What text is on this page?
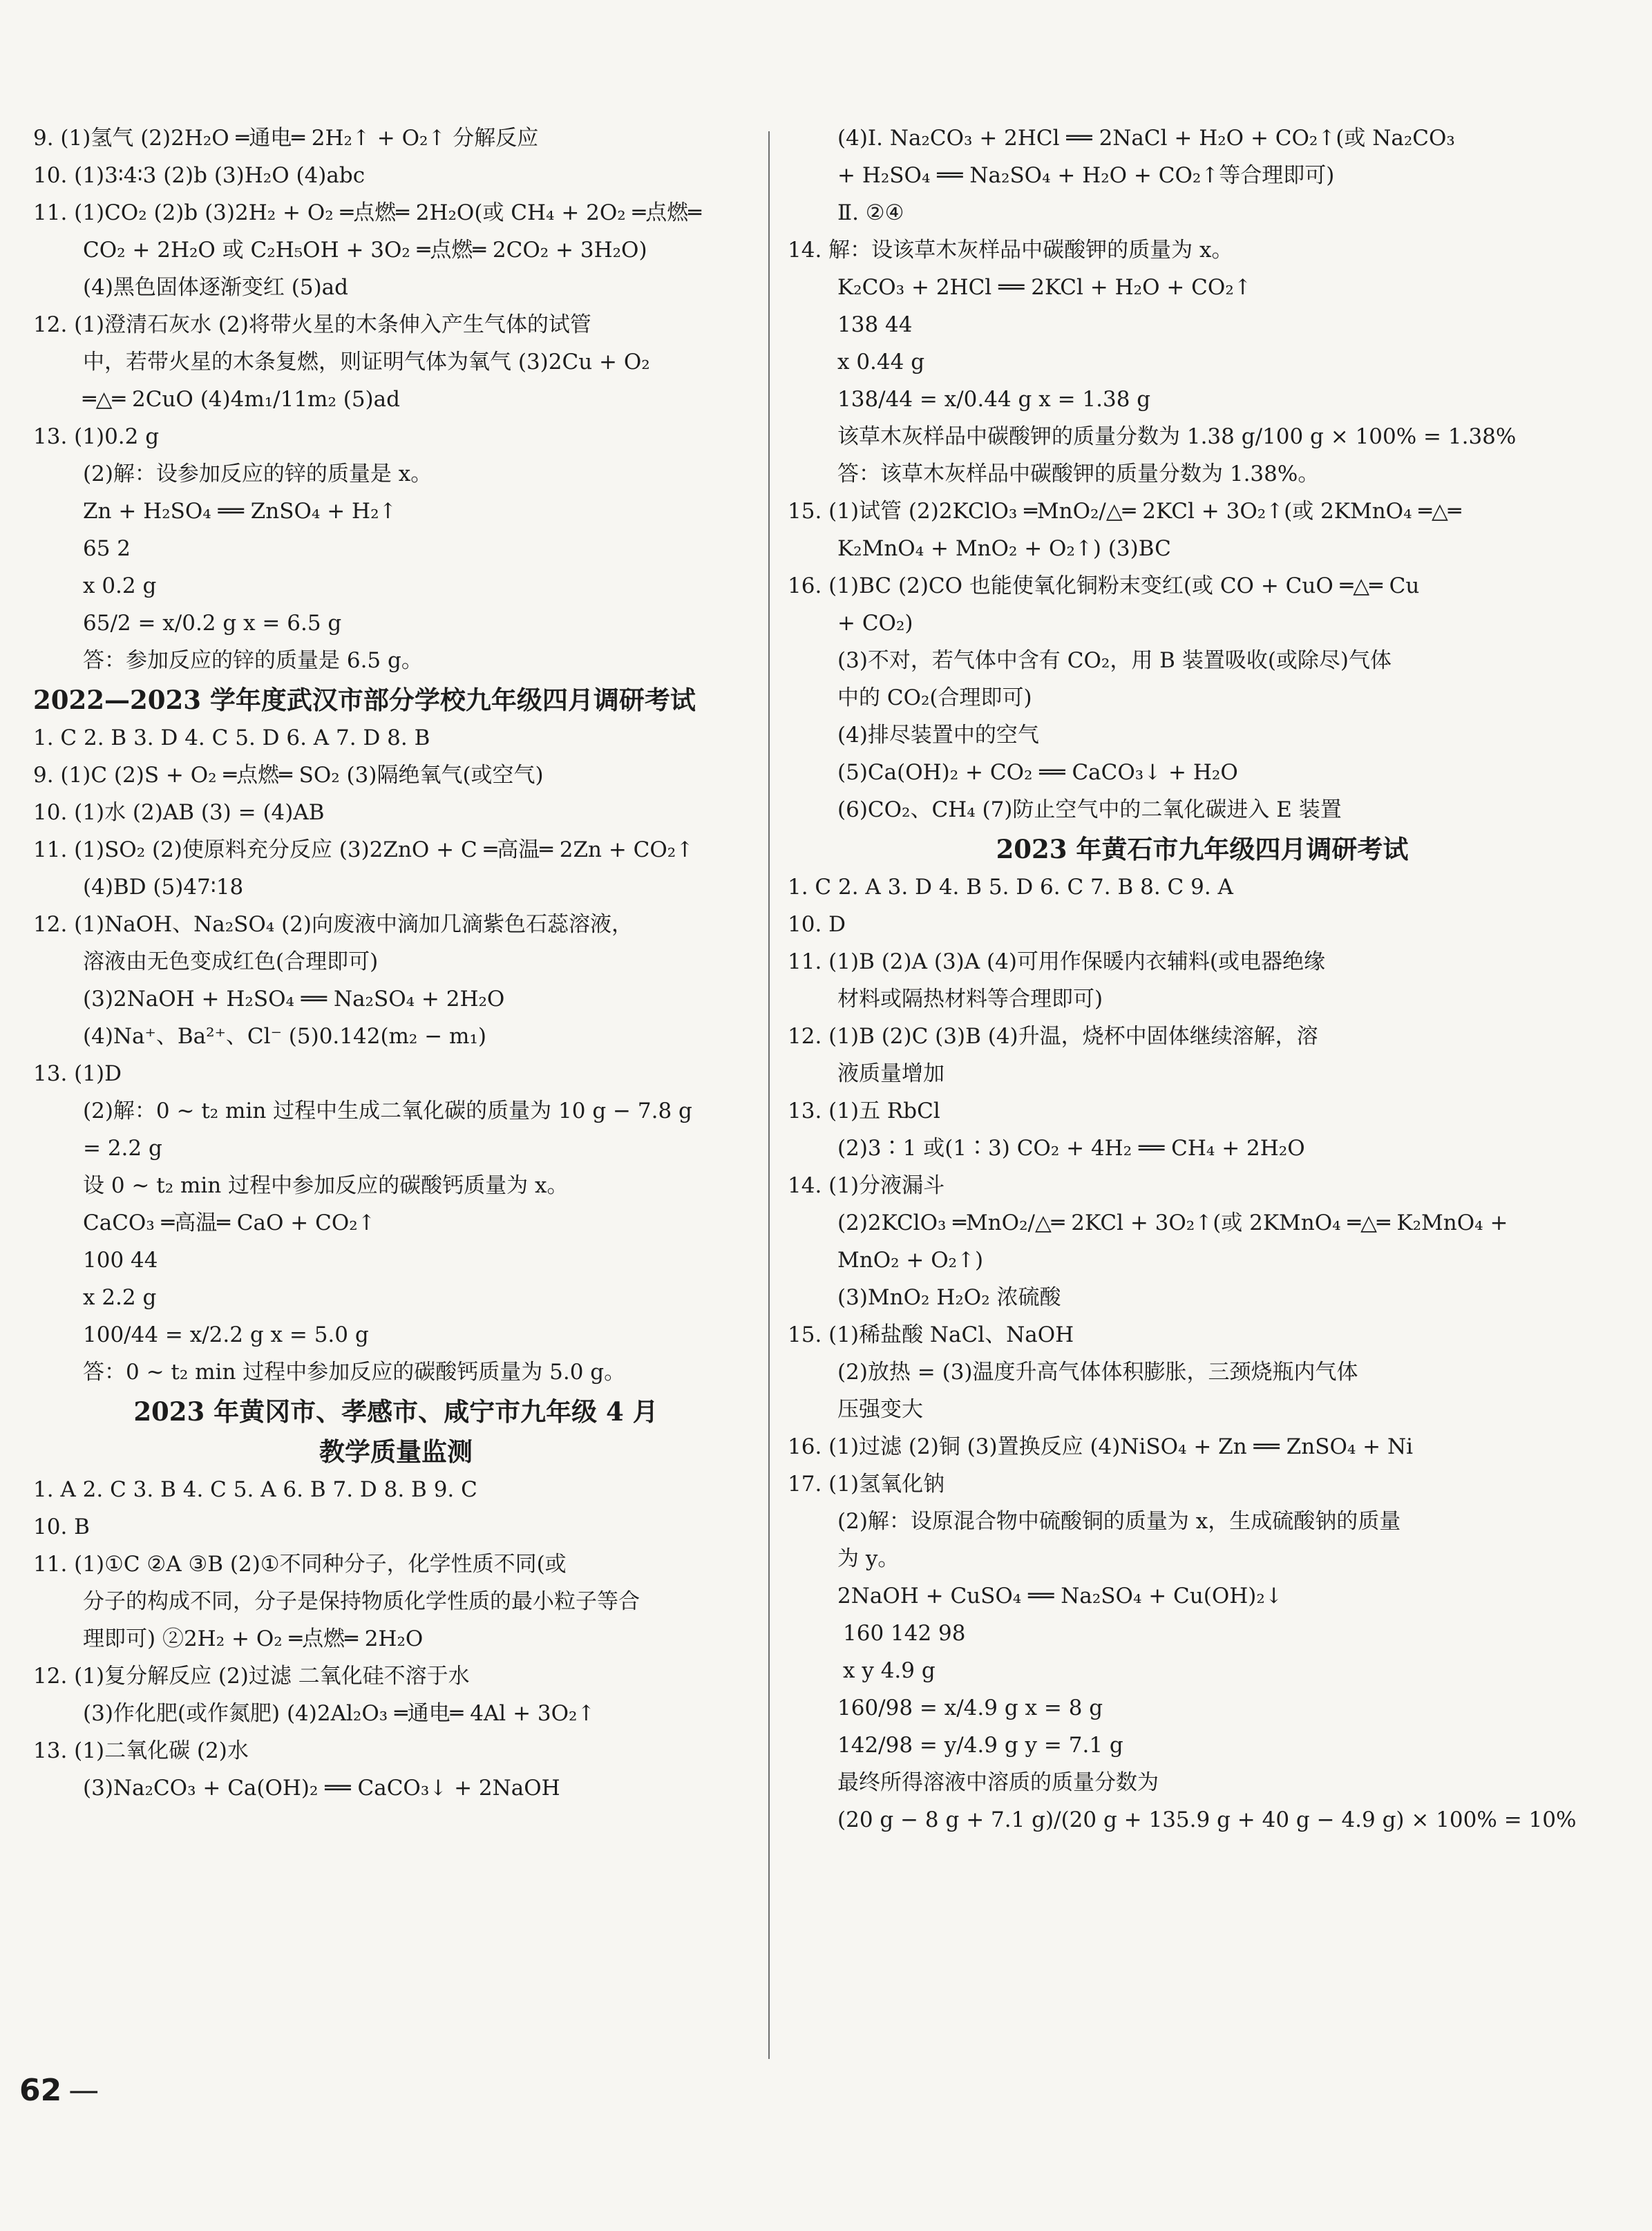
9. (1)氢气 (2)2H₂O ═通电═ 2H₂↑ + O₂↑ 分解反应
10. (1)3∶4∶3 (2)b (3)H₂O (4)abc
11. (1)CO₂ (2)b (3)2H₂ + O₂ ═点燃═ 2H₂O(或 CH₄ + 2O₂ ═点燃═
CO₂ + 2H₂O 或 C₂H₅OH + 3O₂ ═点燃═ 2CO₂ + 3H₂O)
(4)黑色固体逐渐变红 (5)ad
12. (1)澄清石灰水 (2)将带火星的木条伸入产生气体的试管
中，若带火星的木条复燃，则证明气体为氧气 (3)2Cu + O₂
═△═ 2CuO (4)4m₁/11m₂ (5)ad
13. (1)0.2 g
(2)解：设参加反应的锌的质量是 x。
Zn + H₂SO₄ ══ ZnSO₄ + H₂↑
65 2
x 0.2 g
65/2 = x/0.2 g x = 6.5 g
答：参加反应的锌的质量是 6.5 g。
2022—2023 学年度武汉市部分学校九年级四月调研考试
1. C 2. B 3. D 4. C 5. D 6. A 7. D 8. B
9. (1)C (2)S + O₂ ═点燃═ SO₂ (3)隔绝氧气(或空气)
10. (1)水 (2)AB (3) = (4)AB
11. (1)SO₂ (2)使原料充分反应 (3)2ZnO + C ═高温═ 2Zn + CO₂↑
(4)BD (5)47∶18
12. (1)NaOH、Na₂SO₄ (2)向废液中滴加几滴紫色石蕊溶液，
溶液由无色变成红色(合理即可)
(3)2NaOH + H₂SO₄ ══ Na₂SO₄ + 2H₂O
(4)Na⁺、Ba²⁺、Cl⁻ (5)0.142(m₂ − m₁)
13. (1)D
(2)解：0 ~ t₂ min 过程中生成二氧化碳的质量为 10 g − 7.8 g
= 2.2 g
设 0 ~ t₂ min 过程中参加反应的碳酸钙质量为 x。
CaCO₃ ═高温═ CaO + CO₂↑
100 44
x 2.2 g
100/44 = x/2.2 g x = 5.0 g
答：0 ~ t₂ min 过程中参加反应的碳酸钙质量为 5.0 g。
2023 年黄冈市、孝感市、咸宁市九年级 4 月
教学质量监测
1. A 2. C 3. B 4. C 5. A 6. B 7. D 8. B 9. C
10. B
11. (1)①C ②A ③B (2)①不同种分子，化学性质不同(或
分子的构成不同，分子是保持物质化学性质的最小粒子等合
理即可) ②2H₂ + O₂ ═点燃═ 2H₂O
12. (1)复分解反应 (2)过滤 二氧化硅不溶于水
(3)作化肥(或作氮肥) (4)2Al₂O₃ ═通电═ 4Al + 3O₂↑
13. (1)二氧化碳 (2)水
(3)Na₂CO₃ + Ca(OH)₂ ══ CaCO₃↓ + 2NaOH
(4)Ⅰ. Na₂CO₃ + 2HCl ══ 2NaCl + H₂O + CO₂↑(或 Na₂CO₃
+ H₂SO₄ ══ Na₂SO₄ + H₂O + CO₂↑等合理即可)
Ⅱ. ②④
14. 解：设该草木灰样品中碳酸钾的质量为 x。
K₂CO₃ + 2HCl ══ 2KCl + H₂O + CO₂↑
138 44
x 0.44 g
138/44 = x/0.44 g x = 1.38 g
该草木灰样品中碳酸钾的质量分数为 1.38 g/100 g × 100% = 1.38%
答：该草木灰样品中碳酸钾的质量分数为 1.38%。
15. (1)试管 (2)2KClO₃ ═MnO₂/△═ 2KCl + 3O₂↑(或 2KMnO₄ ═△═
K₂MnO₄ + MnO₂ + O₂↑) (3)BC
16. (1)BC (2)CO 也能使氧化铜粉末变红(或 CO + CuO ═△═ Cu
+ CO₂)
(3)不对，若气体中含有 CO₂，用 B 装置吸收(或除尽)气体
中的 CO₂(合理即可)
(4)排尽装置中的空气
(5)Ca(OH)₂ + CO₂ ══ CaCO₃↓ + H₂O
(6)CO₂、CH₄ (7)防止空气中的二氧化碳进入 E 装置
2023 年黄石市九年级四月调研考试
1. C 2. A 3. D 4. B 5. D 6. C 7. B 8. C 9. A
10. D
11. (1)B (2)A (3)A (4)可用作保暖内衣辅料(或电器绝缘
材料或隔热材料等合理即可)
12. (1)B (2)C (3)B (4)升温，烧杯中固体继续溶解，溶
液质量增加
13. (1)五 RbCl
(2)3∶1 或(1∶3) CO₂ + 4H₂ ══ CH₄ + 2H₂O
14. (1)分液漏斗
(2)2KClO₃ ═MnO₂/△═ 2KCl + 3O₂↑(或 2KMnO₄ ═△═ K₂MnO₄ +
MnO₂ + O₂↑)
(3)MnO₂ H₂O₂ 浓硫酸
15. (1)稀盐酸 NaCl、NaOH
(2)放热 = (3)温度升高气体体积膨胀，三颈烧瓶内气体
压强变大
16. (1)过滤 (2)铜 (3)置换反应 (4)NiSO₄ + Zn ══ ZnSO₄ + Ni
17. (1)氢氧化钠
(2)解：设原混合物中硫酸铜的质量为 x，生成硫酸钠的质量
为 y。
2NaOH + CuSO₄ ══ Na₂SO₄ + Cu(OH)₂↓
160 142 98
x y 4.9 g
160/98 = x/4.9 g x = 8 g
142/98 = y/4.9 g y = 7.1 g
最终所得溶液中溶质的质量分数为
(20 g − 8 g + 7.1 g)/(20 g + 135.9 g + 40 g − 4.9 g) × 100% = 10%
62 —
